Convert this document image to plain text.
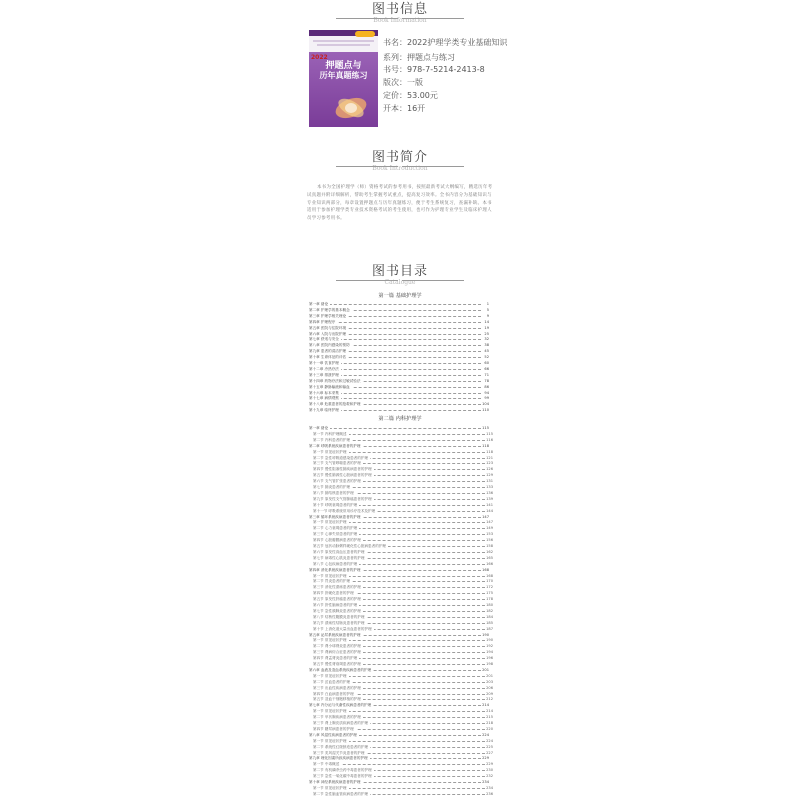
图书信息
Book Information
2022
押题点与
历年真题练习
书名：2022护理学类专业基础知识
系列：押题点与练习
书号：978-7-5214-2413-8
版次：一版
定价：53.00元
开本：16开
图书简介
Book Introduction
本书为全国护理学（师）资格考试的参考用书，按照最新考试大纲编写，精选历年考试真题并附详细解析，帮助考生掌握考试重点，提高复习效率。全书内容分为基础知识与专业知识两部分，每章设置押题点与历年真题练习，便于考生系统复习，查漏补缺。本书适用于参加护理学类专业技术资格考试的考生使用，也可作为护理专业学生及临床护理人员学习参考用书。
图书目录
Catalogue
第一篇 基础护理学
第一章 绪论	1
第二章 护理学的基本概念	5
第三章 护理学相关理论	9
第四章 护理程序	14
第五章 医院与住院环境	19
第六章 入院与出院护理	25
第七章 舒适与安全	32
第八章 医院内感染的预防	38
第九章 患者的清洁护理	45
第十章 生命体征的评估	52
第十一章 饮食护理	60
第十二章 冷热疗法	66
第十三章 排泄护理	71
第十四章 药物疗法和过敏试验法	78
第十五章 静脉输液和输血	86
第十六章 标本采集	94
第十七章 病情观察	99
第十八章 危重患者的抢救和护理	104
第十九章 临终护理	110
第二篇 内科护理学
第一章 绪论	115
第一节 内科护理概述	115
第二节 内科患者的护理	116
第二章 呼吸系统疾病患者的护理	118
第一节 常见症状护理	118
第二节 急性呼吸道感染患者的护理	121
第三节 支气管哮喘患者的护理	123
第四节 慢性阻塞性肺疾病患者的护理	126
第五节 慢性肺源性心脏病患者的护理	129
第六节 支气管扩张患者的护理	131
第七节 肺炎患者的护理	133
第八节 肺结核患者的护理	136
第九节 原发性支气管肺癌患者的护理	139
第十节 呼吸衰竭患者的护理	141
第十一节 呼吸系统常用诊疗技术及护理	144
第三章 循环系统疾病患者的护理	147
第一节 常见症状护理	147
第二节 心力衰竭患者的护理	149
第三节 心律失常患者的护理	153
第四节 心脏瓣膜病患者的护理	156
第五节 冠状动脉粥样硬化性心脏病患者的护理	158
第六节 原发性高血压患者的护理	162
第七节 病毒性心肌炎患者的护理	165
第八节 心包疾病患者的护理	166
第四章 消化系统疾病患者的护理	168
第一节 常见症状护理	168
第二节 胃炎患者的护理	170
第三节 消化性溃疡患者的护理	172
第四节 肝硬化患者的护理	175
第五节 原发性肝癌患者的护理	178
第六节 肝性脑病患者的护理	180
第七节 急性胰腺炎患者的护理	182
第八节 结核性腹膜炎患者的护理	184
第九节 溃疡性结肠炎患者的护理	185
第十节 上消化道大量出血患者的护理	187
第五章 泌尿系统疾病患者的护理	190
第一节 常见症状护理	190
第二节 肾小球肾炎患者的护理	192
第三节 肾病综合征患者的护理	194
第四节 肾盂肾炎患者的护理	196
第五节 慢性肾衰竭患者的护理	198
第六章 血液及造血系统疾病患者的护理	201
第一节 常见症状护理	201
第二节 贫血患者的护理	203
第三节 出血性疾病患者的护理	206
第四节 白血病患者的护理	209
第五节 造血干细胞移植的护理	212
第七章 内分泌与代谢性疾病患者的护理	214
第一节 常见症状护理	214
第二节 甲状腺疾病患者的护理	215
第三节 肾上腺皮质疾病患者的护理	218
第四节 糖尿病患者的护理	220
第八章 风湿性疾病患者的护理	224
第一节 常见症状护理	224
第二节 系统性红斑狼疮患者的护理	225
第三节 类风湿关节炎患者的护理	227
第九章 理化因素所致疾病患者的护理	229
第一节 中毒概述	229
第二节 有机磷杀虫药中毒患者的护理	230
第三节 急性一氧化碳中毒患者的护理	232
第十章 神经系统疾病患者的护理	234
第一节 常见症状护理	234
第二节 急性脑血管疾病患者的护理	236
